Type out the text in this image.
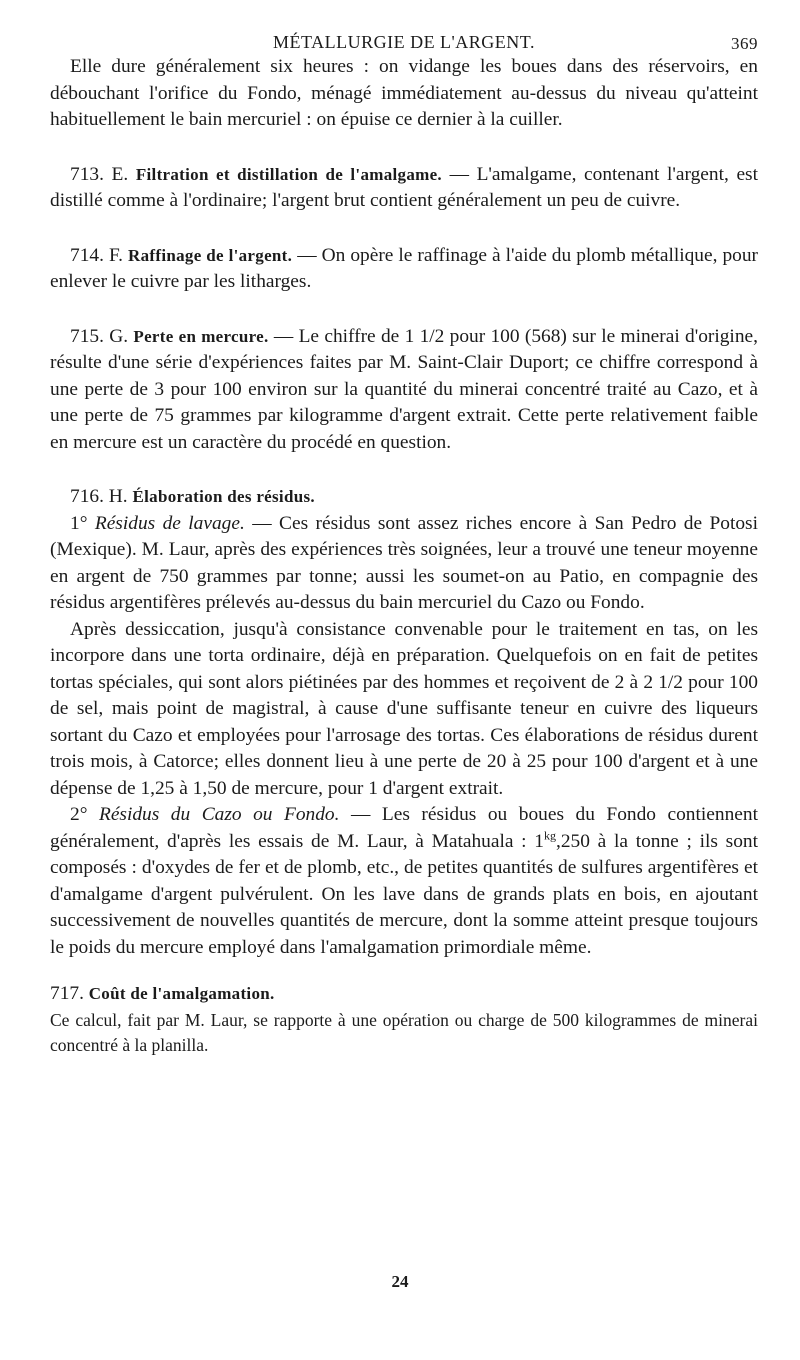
MÉTALLURGIE DE L'ARGENT.	369

Elle dure généralement six heures : on vidange les boues dans des réservoirs, en débouchant l'orifice du Fondo, ménagé immédiatement au-dessus du niveau qu'atteint habituellement le bain mercuriel : on épuise ce dernier à la cuiller.

713. E. Filtration et distillation de l'amalgame. — L'amalgame, contenant l'argent, est distillé comme à l'ordinaire; l'argent brut contient généralement un peu de cuivre.

714. F. Raffinage de l'argent. — On opère le raffinage à l'aide du plomb métallique, pour enlever le cuivre par les litharges.

715. G. Perte en mercure. — Le chiffre de 1 1/2 pour 100 (568) sur le minerai d'origine, résulte d'une série d'expériences faites par M. Saint-Clair Duport; ce chiffre correspond à une perte de 3 pour 100 environ sur la quantité du minerai concentré traité au Cazo, et à une perte de 75 grammes par kilogramme d'argent extrait. Cette perte relativement faible en mercure est un caractère du procédé en question.

716. H. Élaboration des résidus.

1° Résidus de lavage. — Ces résidus sont assez riches encore à San Pedro de Potosi (Mexique). M. Laur, après des expériences très soignées, leur a trouvé une teneur moyenne en argent de 750 grammes par tonne; aussi les soumet-on au Patio, en compagnie des résidus argentifères prélevés au-dessus du bain mercuriel du Cazo ou Fondo.

Après dessiccation, jusqu'à consistance convenable pour le traitement en tas, on les incorpore dans une torta ordinaire, déjà en préparation. Quelquefois on en fait de petites tortas spéciales, qui sont alors piétinées par des hommes et reçoivent de 2 à 2 1/2 pour 100 de sel, mais point de magistral, à cause d'une suffisante teneur en cuivre des liqueurs sortant du Cazo et employées pour l'arrosage des tortas. Ces élaborations de résidus durent trois mois, à Catorce; elles donnent lieu à une perte de 20 à 25 pour 100 d'argent et à une dépense de 1,25 à 1,50 de mercure, pour 1 d'argent extrait.

2° Résidus du Cazo ou Fondo. — Les résidus ou boues du Fondo contiennent généralement, d'après les essais de M. Laur, à Matahuala : $1^{kg},250$ à la tonne ; ils sont composés : d'oxydes de fer et de plomb, etc., de petites quantités de sulfures argentifères et d'amalgame d'argent pulvérulent. On les lave dans de grands plats en bois, en ajoutant successivement de nouvelles quantités de mercure, dont la somme atteint presque toujours le poids du mercure employé dans l'amalgamation primordiale même.

717. Coût de l'amalgamation.

Ce calcul, fait par M. Laur, se rapporte à une opération ou charge de 500 kilogrammes de minerai concentré à la planilla.

24
